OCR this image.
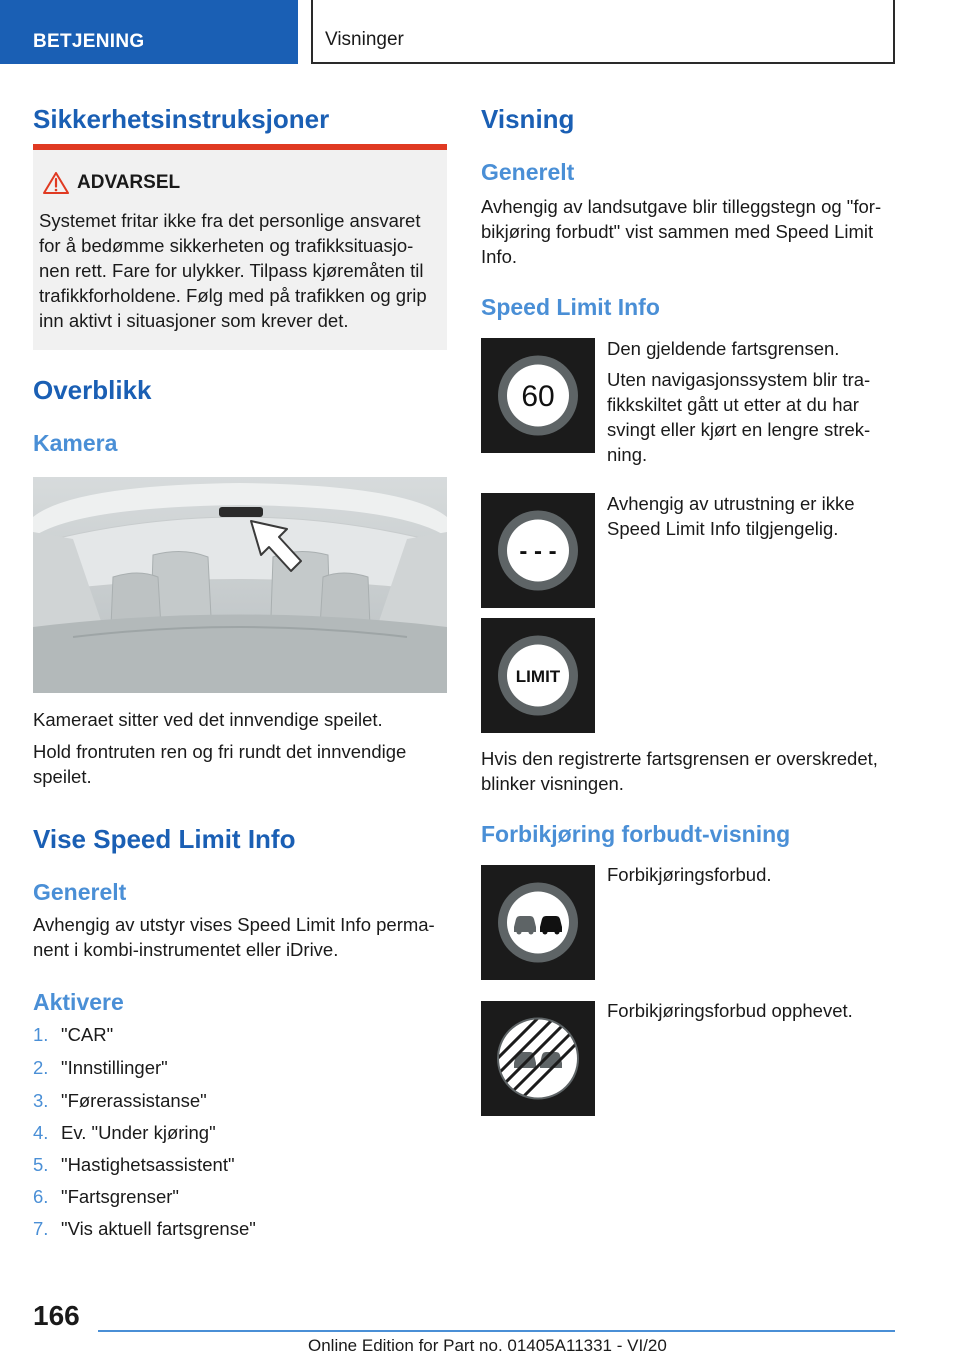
BETJENING	Visninger
Sikkerhetsinstruksjoner
ADVARSEL
Systemet fritar ikke fra det personlige ansvaret
for å bedømme sikkerheten og trafikksituasjo-
nen rett. Fare for ulykker. Tilpass kjøremåten til
trafikkforholdene. Følg med på trafikken og grip
inn aktivt i situasjoner som krever det.
Overblikk
Kamera
Kameraet sitter ved det innvendige speilet.
Hold frontruten ren og fri rundt det innvendige
speilet.
Vise Speed Limit Info
Generelt
Avhengig av utstyr vises Speed Limit Info perma-
nent i kombi-instrumentet eller iDrive.
Aktivere
1. "CAR"
2. "Innstillinger"
3. "Førerassistanse"
4. Ev. "Under kjøring"
5. "Hastighetsassistent"
6. "Fartsgrenser"
7. "Vis aktuell fartsgrense"
Visning
Generelt
Avhengig av landsutgave blir tilleggstegn og "for-
bikjøring forbudt" vist sammen med Speed Limit
Info.
Speed Limit Info
60
Den gjeldende fartsgrensen.
Uten navigasjonssystem blir tra-
fikkskiltet gått ut etter at du har
svingt eller kjørt en lengre strek-
ning.
- - -
Avhengig av utrustning er ikke
Speed Limit Info tilgjengelig.
LIMIT
Hvis den registrerte fartsgrensen er overskredet,
blinker visningen.
Forbikjøring forbudt-visning
Forbikjøringsforbud.
Forbikjøringsforbud opphevet.
166
Online Edition for Part no. 01405A11331 - VI/20
